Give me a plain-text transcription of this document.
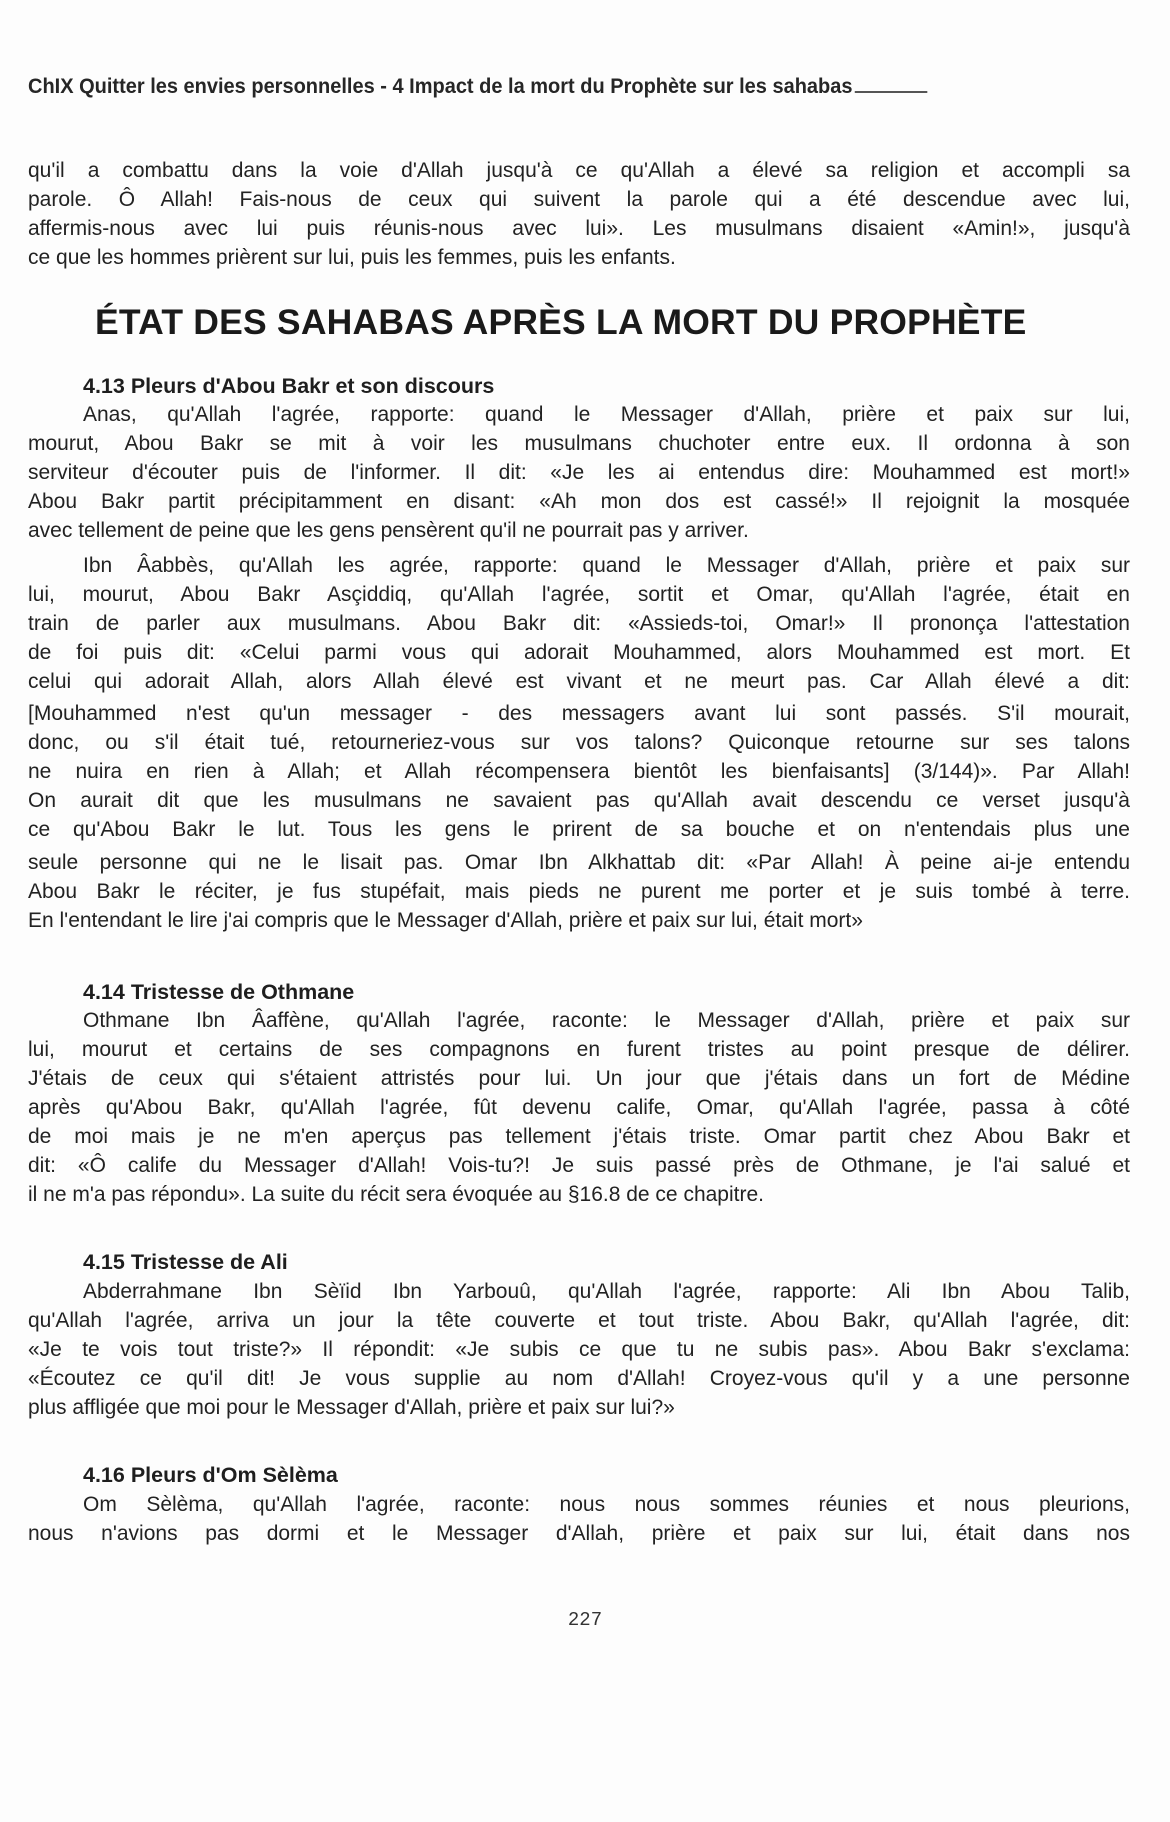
ChIX Quitter les envies personnelles - 4 Impact de la mort du Prophète sur les sahabas
qu'il a combattu dans la voie d'Allah jusqu'à ce qu'Allah a élevé sa religion et accompli sa
parole. Ô Allah! Fais-nous de ceux qui suivent la parole qui a été descendue avec lui,
affermis-nous avec lui puis réunis-nous avec lui». Les musulmans disaient «Amin!», jusqu'à
ce que les hommes prièrent sur lui, puis les femmes, puis les enfants.
ÉTAT DES SAHABAS APRÈS LA MORT DU PROPHÈTE
4.13 Pleurs d'Abou Bakr et son discours
Anas, qu'Allah l'agrée, rapporte: quand le Messager d'Allah, prière et paix sur lui,
mourut, Abou Bakr se mit à voir les musulmans chuchoter entre eux. Il ordonna à son
serviteur d'écouter puis de l'informer. Il dit: «Je les ai entendus dire: Mouhammed est mort!»
Abou Bakr partit précipitamment en disant: «Ah mon dos est cassé!» Il rejoignit la mosquée
avec tellement de peine que les gens pensèrent qu'il ne pourrait pas y arriver.
Ibn Âabbès, qu'Allah les agrée, rapporte: quand le Messager d'Allah, prière et paix sur
lui, mourut, Abou Bakr Asçiddiq, qu'Allah l'agrée, sortit et Omar, qu'Allah l'agrée, était en
train de parler aux musulmans. Abou Bakr dit: «Assieds-toi, Omar!» Il prononça l'attestation
de foi puis dit: «Celui parmi vous qui adorait Mouhammed, alors Mouhammed est mort. Et
celui qui adorait Allah, alors Allah élevé est vivant et ne meurt pas. Car Allah élevé a dit:
[Mouhammed n'est qu'un messager - des messagers avant lui sont passés. S'il mourait,
donc, ou s'il était tué, retourneriez-vous sur vos talons? Quiconque retourne sur ses talons
ne nuira en rien à Allah; et Allah récompensera bientôt les bienfaisants] (3/144)». Par Allah!
On aurait dit que les musulmans ne savaient pas qu'Allah avait descendu ce verset jusqu'à
ce qu'Abou Bakr le lut. Tous les gens le prirent de sa bouche et on n'entendais plus une
seule personne qui ne le lisait pas. Omar Ibn Alkhattab dit: «Par Allah! À peine ai-je entendu
Abou Bakr le réciter, je fus stupéfait, mais pieds ne purent me porter et je suis tombé à terre.
En l'entendant le lire j'ai compris que le Messager d'Allah, prière et paix sur lui, était mort»
4.14 Tristesse de Othmane
Othmane Ibn Âaffène, qu'Allah l'agrée, raconte: le Messager d'Allah, prière et paix sur
lui, mourut et certains de ses compagnons en furent tristes au point presque de délirer.
J'étais de ceux qui s'étaient attristés pour lui. Un jour que j'étais dans un fort de Médine
après qu'Abou Bakr, qu'Allah l'agrée, fût devenu calife, Omar, qu'Allah l'agrée, passa à côté
de moi mais je ne m'en aperçus pas tellement j'étais triste. Omar partit chez Abou Bakr et
dit: «Ô calife du Messager d'Allah! Vois-tu?! Je suis passé près de Othmane, je l'ai salué et
il ne m'a pas répondu». La suite du récit sera évoquée au §16.8 de ce chapitre.
4.15 Tristesse de Ali
Abderrahmane Ibn Sèïid Ibn Yarbouû, qu'Allah l'agrée, rapporte: Ali Ibn Abou Talib,
qu'Allah l'agrée, arriva un jour la tête couverte et tout triste. Abou Bakr, qu'Allah l'agrée, dit:
«Je te vois tout triste?» Il répondit: «Je subis ce que tu ne subis pas». Abou Bakr s'exclama:
«Écoutez ce qu'il dit! Je vous supplie au nom d'Allah! Croyez-vous qu'il y a une personne
plus affligée que moi pour le Messager d'Allah, prière et paix sur lui?»
4.16 Pleurs d'Om Sèlèma
Om Sèlèma, qu'Allah l'agrée, raconte: nous nous sommes réunies et nous pleurions,
nous n'avions pas dormi et le Messager d'Allah, prière et paix sur lui, était dans nos
227
